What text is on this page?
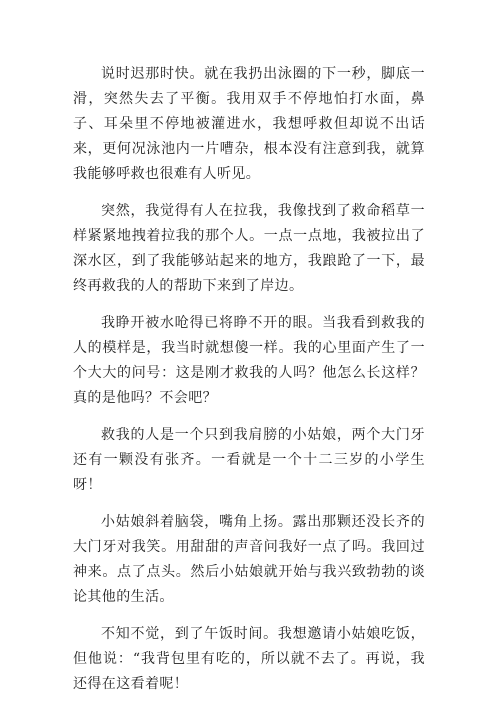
说时迟那时快。就在我扔出泳圈的下一秒，脚底一滑，突然失去了平衡。我用双手不停地怕打水面，鼻子、耳朵里不停地被灌进水，我想呼救但却说不出话来，更何况泳池内一片嘈杂，根本没有注意到我，就算我能够呼救也很难有人听见。

突然，我觉得有人在拉我，我像找到了救命稻草一样紧紧地拽着拉我的那个人。一点一点地，我被拉出了深水区，到了我能够站起来的地方，我踉跄了一下，最终再救我的人的帮助下来到了岸边。

我睁开被水呛得已将睁不开的眼。当我看到救我的人的模样是，我当时就想傻一样。我的心里面产生了一个大大的问号：这是刚才救我的人吗？他怎么长这样？真的是他吗？不会吧？

救我的人是一个只到我肩膀的小姑娘，两个大门牙还有一颗没有张齐。一看就是一个十二三岁的小学生呀！

小姑娘斜着脑袋，嘴角上扬。露出那颗还没长齐的大门牙对我笑。用甜甜的声音问我好一点了吗。我回过神来。点了点头。然后小姑娘就开始与我兴致勃勃的谈论其他的生活。

不知不觉，到了午饭时间。我想邀请小姑娘吃饭，但他说：“我背包里有吃的，所以就不去了。再说，我还得在这看着呢！
